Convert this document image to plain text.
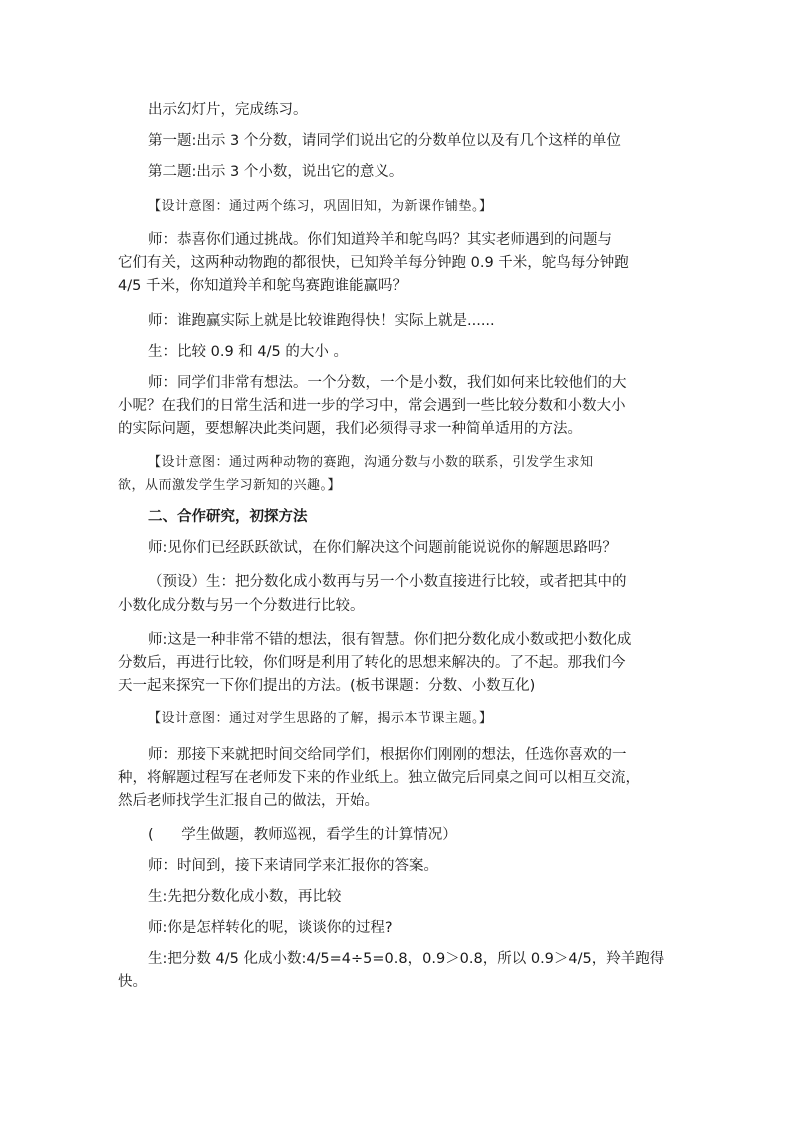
出示幻灯片，完成练习。

第一题:出示 3 个分数，请同学们说出它的分数单位以及有几个这样的单位

第二题:出示 3 个小数，说出它的意义。

【设计意图：通过两个练习，巩固旧知，为新课作铺垫。】

师：恭喜你们通过挑战。你们知道羚羊和鸵鸟吗？其实老师遇到的问题与

它们有关，这两种动物跑的都很快，已知羚羊每分钟跑 0.9 千米，鸵鸟每分钟跑

4/5 千米，你知道羚羊和鸵鸟赛跑谁能赢吗？

师：谁跑赢实际上就是比较谁跑得快！实际上就是......

生：比较 0.9 和 4/5 的大小 。

师：同学们非常有想法。一个分数，一个是小数，我们如何来比较他们的大

小呢？在我们的日常生活和进一步的学习中，常会遇到一些比较分数和小数大小

的实际问题，要想解决此类问题，我们必须得寻求一种简单适用的方法。

【设计意图：通过两种动物的赛跑，沟通分数与小数的联系，引发学生求知

欲，从而激发学生学习新知的兴趣。】

二、合作研究，初探方法

师:见你们已经跃跃欲试，在你们解决这个问题前能说说你的解题思路吗？

（预设）生：把分数化成小数再与另一个小数直接进行比较，或者把其中的

小数化成分数与另一个分数进行比较。

师:这是一种非常不错的想法，很有智慧。你们把分数化成小数或把小数化成

分数后，再进行比较，你们呀是利用了转化的思想来解决的。了不起。那我们今

天一起来探究一下你们提出的方法。(板书课题：分数、小数互化)

【设计意图：通过对学生思路的了解，揭示本节课主题。】

师：那接下来就把时间交给同学们，根据你们刚刚的想法，任选你喜欢的一

种，将解题过程写在老师发下来的作业纸上。独立做完后同桌之间可以相互交流，

然后老师找学生汇报自己的做法，开始。

(      学生做题，教师巡视，看学生的计算情况）

师：时间到，接下来请同学来汇报你的答案。

生:先把分数化成小数，再比较

师:你是怎样转化的呢，谈谈你的过程?

生:把分数 4/5 化成小数:4/5=4÷5=0.8，0.9＞0.8，所以 0.9＞4/5，羚羊跑得

快。
